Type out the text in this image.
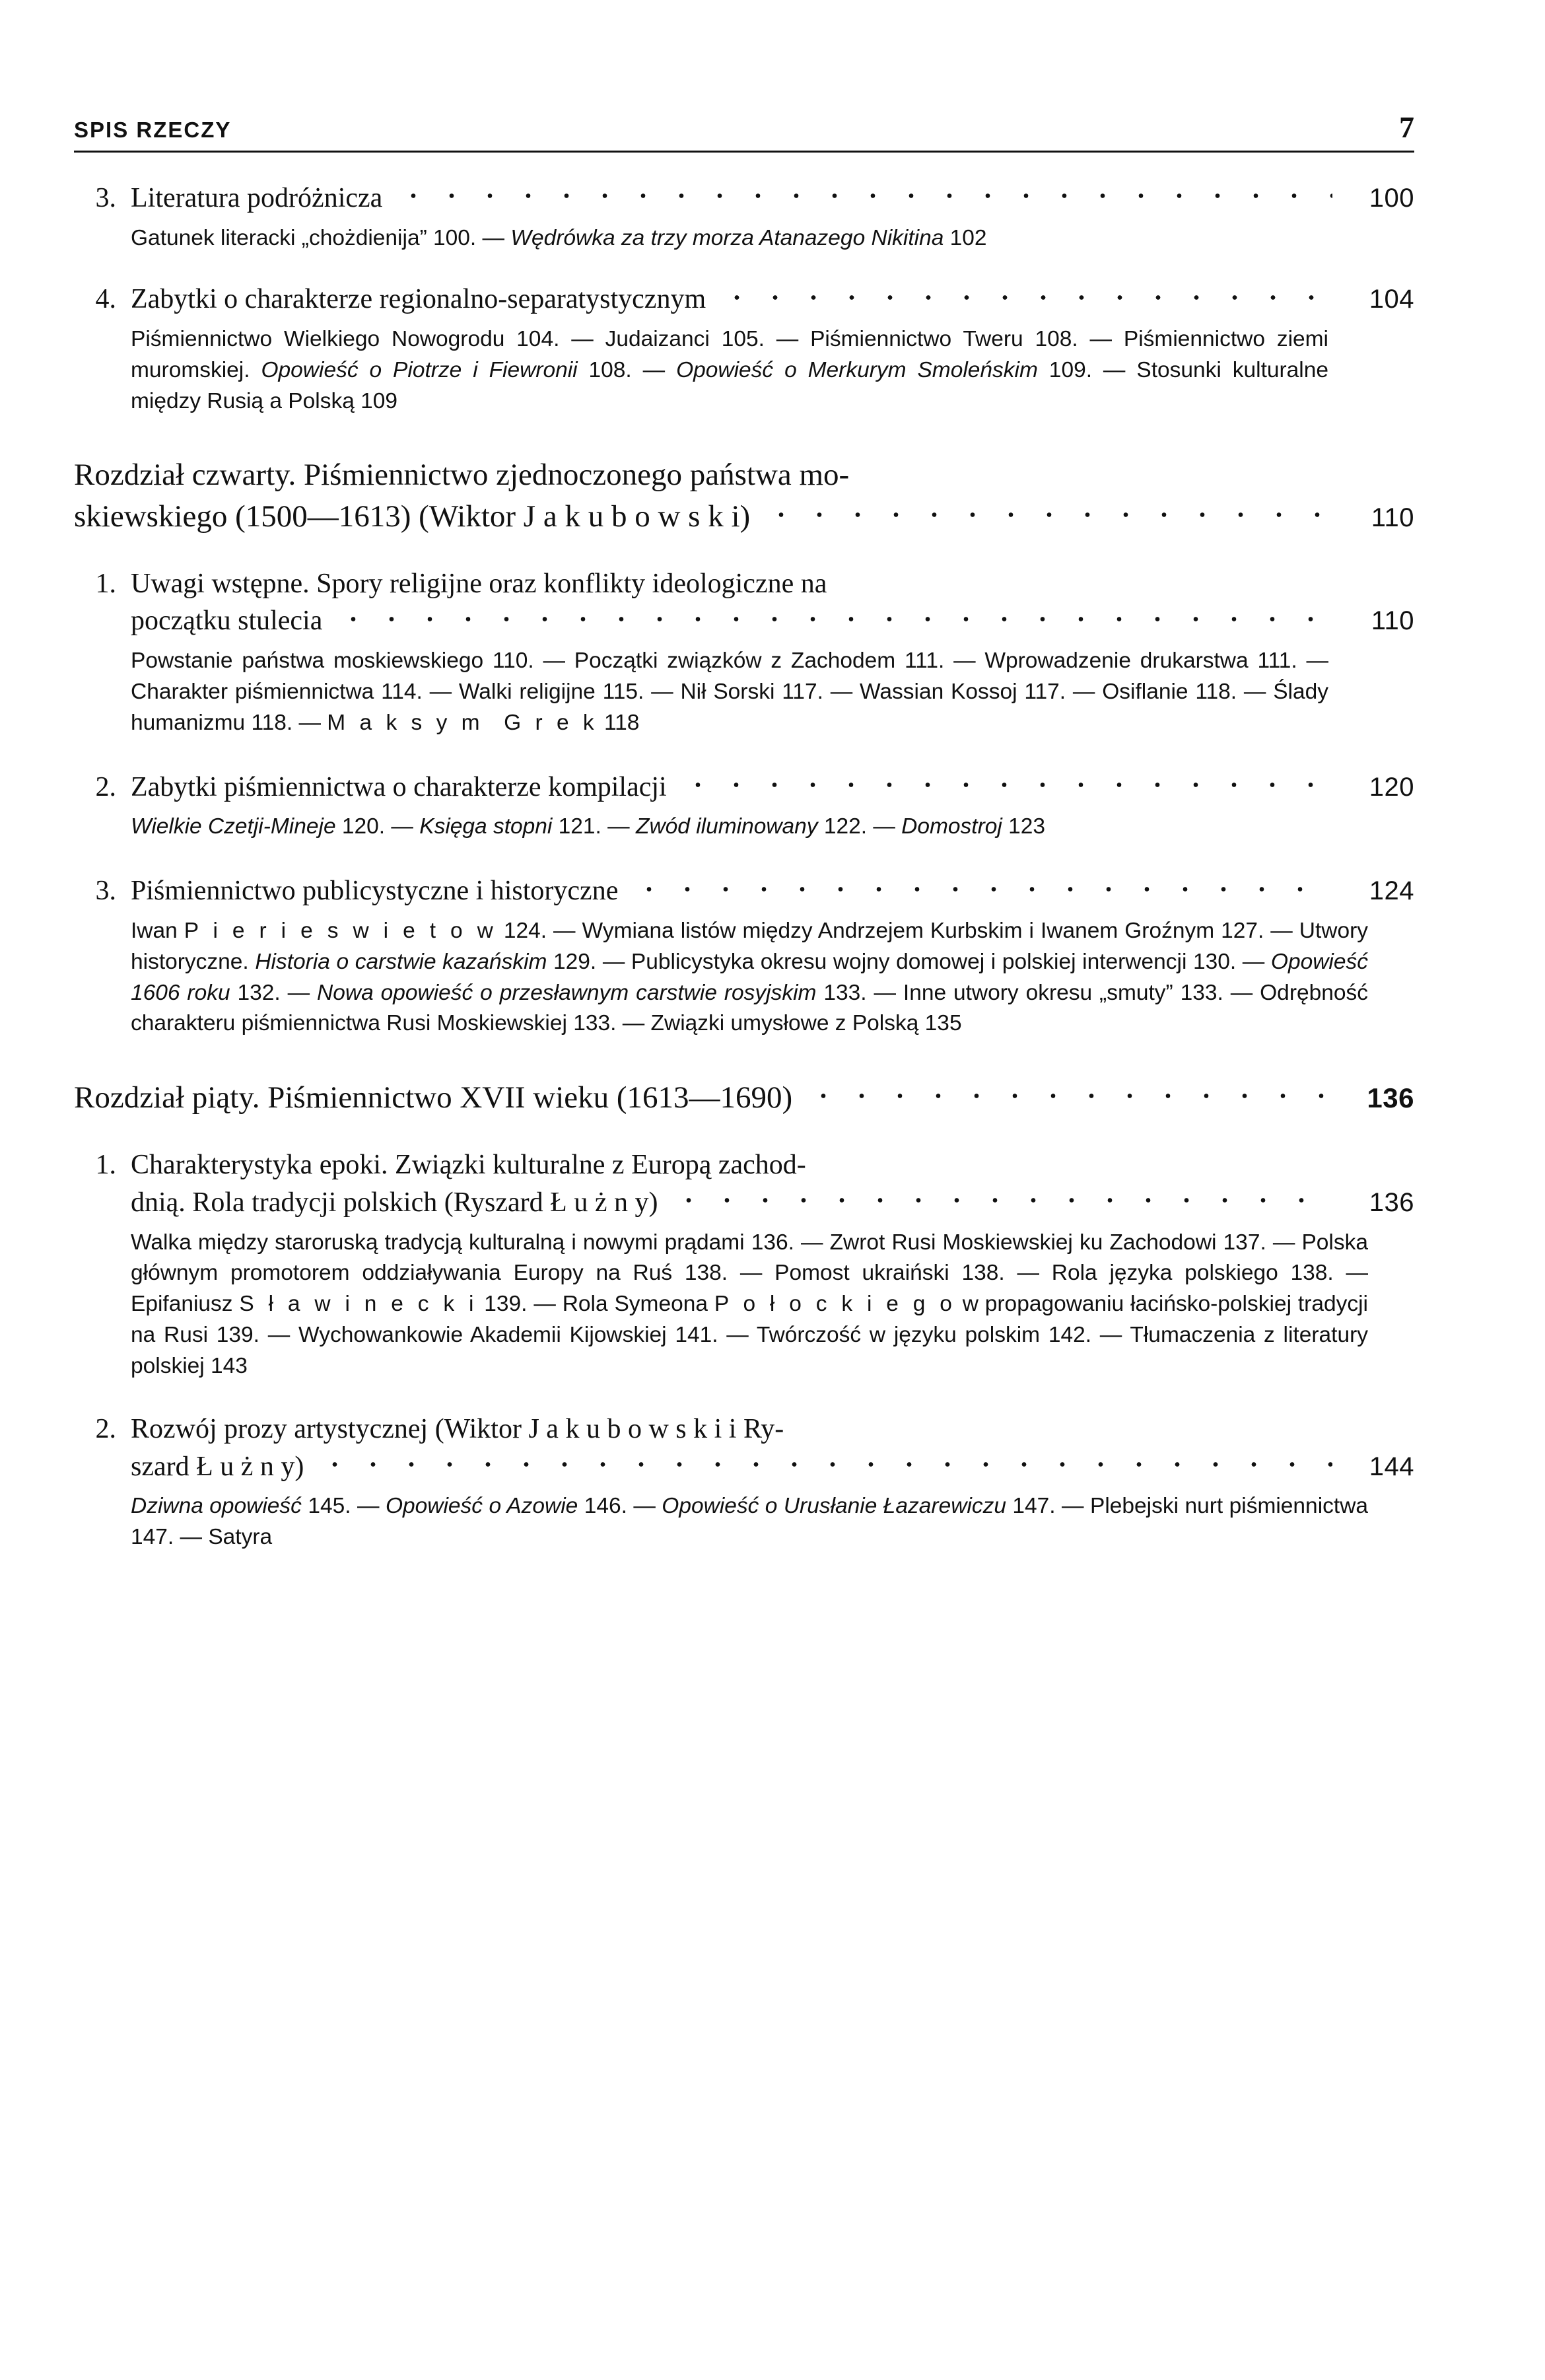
SPIS RZECZY	7
3. Literatura podróżnicza	100
Gatunek literacki „chożdienija” 100. — Wędrówka za trzy morza Atanazego Nikitina 102
4. Zabytki o charakterze regionalno-separatystycznym	104
Piśmiennictwo Wielkiego Nowogrodu 104. — Judaizanci 105. — Piśmiennictwo Tweru 108. — Piśmiennictwo ziemi muromskiej. Opowieść o Piotrze i Fiewronii 108. — Opowieść o Merkurym Smoleńskim 109. — Stosunki kulturalne między Rusią a Polską 109
Rozdział czwarty. Piśmiennictwo zjednoczonego państwa mo-
skiewskiego (1500—1613) (Wiktor J a k u b o w s k i)	110
1. Uwagi wstępne. Spory religijne oraz konflikty ideologiczne na
początku stulecia	110
Powstanie państwa moskiewskiego 110. — Początki związków z Zachodem 111. — Wprowadzenie drukarstwa 111. — Charakter piśmiennictwa 114. — Walki religijne 115. — Nił Sorski 117. — Wassian Kossoj 117. — Osiflanie 118. — Ślady humanizmu 118. — M a k s y m  G r e k 118
2. Zabytki piśmiennictwa o charakterze kompilacji	120
Wielkie Czetji-Mineje 120. — Księga stopni 121. — Zwód iluminowany 122. — Domostroj 123
3. Piśmiennictwo publicystyczne i historyczne	124
Iwan P i e r i e s w i e t o w 124. — Wymiana listów między Andrzejem Kurbskim i Iwanem Groźnym 127. — Utwory historyczne. Historia o carstwie kazańskim 129. — Publicystyka okresu wojny domowej i polskiej interwencji 130. — Opowieść 1606 roku 132. — Nowa opowieść o przesławnym carstwie rosyjskim 133. — Inne utwory okresu „smuty” 133. — Odrębność charakteru piśmiennictwa Rusi Moskiewskiej 133. — Związki umysłowe z Polską 135
Rozdział piąty. Piśmiennictwo XVII wieku (1613—1690)	136
1. Charakterystyka epoki. Związki kulturalne z Europą zachod-
dnią. Rola tradycji polskich (Ryszard Ł u ż n y)	136
Walka między staroruską tradycją kulturalną i nowymi prądami 136. — Zwrot Rusi Moskiewskiej ku Zachodowi 137. — Polska głównym promotorem oddziaływania Europy na Ruś 138. — Pomost ukraiński 138. — Rola języka polskiego 138. — Epifaniusz S ł a w i n e c k i 139. — Rola Symeona P o ł o c k i e g o w propagowaniu łacińsko-polskiej tradycji na Rusi 139. — Wychowankowie Akademii Kijowskiej 141. — Twórczość w języku polskim 142. — Tłumaczenia z literatury polskiej 143
2. Rozwój prozy artystycznej (Wiktor J a k u b o w s k i i Ry-
szard Ł u ż n y)	144
Dziwna opowieść 145. — Opowieść o Azowie 146. — Opowieść o Urusłanie Łazarewiczu 147. — Plebejski nurt piśmiennictwa 147. — Satyra
